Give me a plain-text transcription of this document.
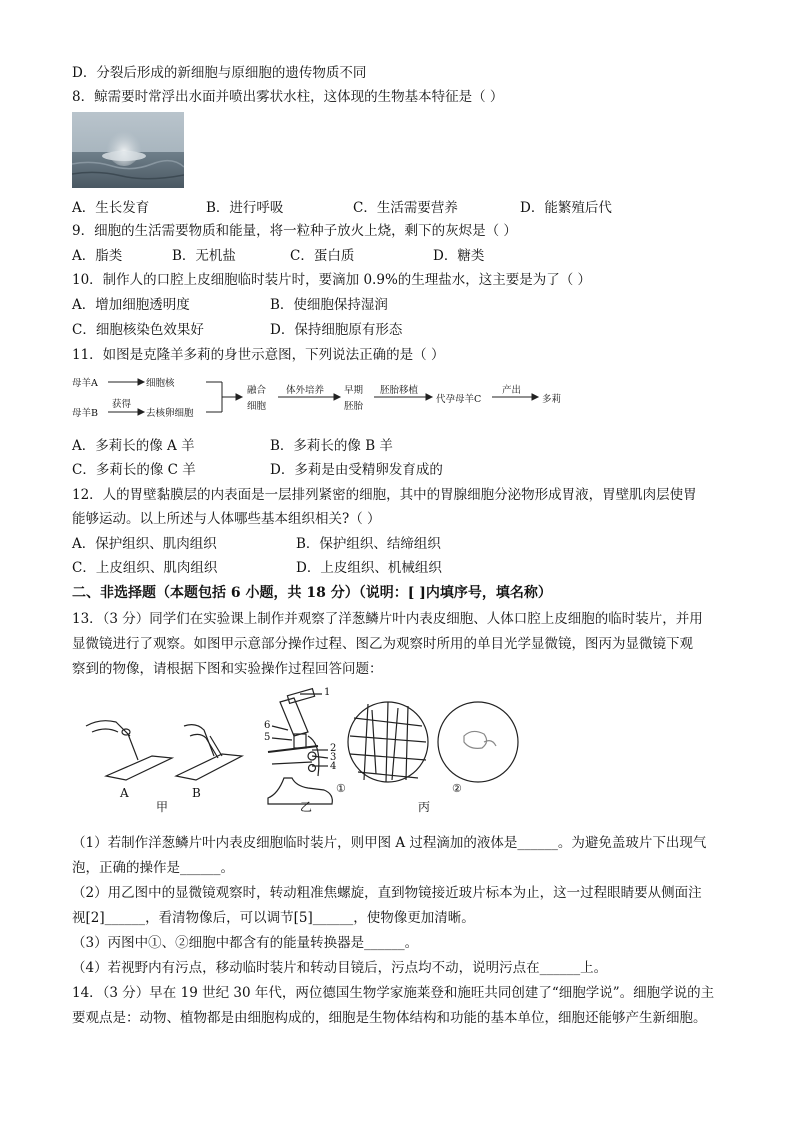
D．分裂后形成的新细胞与原细胞的遗传物质不同
8．鲸需要时常浮出水面并喷出雾状水柱，这体现的生物基本特征是（ ）
A．生长发育	B．进行呼吸	C．生活需要营养	D．能繁殖后代
9．细胞的生活需要物质和能量，将一粒种子放火上烧，剩下的灰烬是（ ）
A．脂类	B．无机盐	C．蛋白质	D．糖类
10．制作人的口腔上皮细胞临时装片时，要滴加 0.9%的生理盐水，这主要是为了（ ）
A．增加细胞透明度	B．使细胞保持湿润
C．细胞核染色效果好	D．保持细胞原有形态
11．如图是克隆羊多莉的身世示意图，下列说法正确的是（ ）
母羊A
母羊B
细胞核
获得
去核卵细胞
融合
细胞
体外培养 早期
胚胎
胚胎移植
代孕母羊C
产出
多莉
A．多莉长的像 A 羊	B．多莉长的像 B 羊
C．多莉长的像 C 羊	D．多莉是由受精卵发育成的
12．人的胃壁黏膜层的内表面是一层排列紧密的细胞，其中的胃腺细胞分泌物形成胃液，胃壁肌肉层使胃
能够运动。以上所述与人体哪些基本组织相关?（ ）
A．保护组织、肌肉组织	B．保护组织、结缔组织
C．上皮组织、肌肉组织	D．上皮组织、机械组织
二、非选择题（本题包括 6 小题，共 18 分）（说明：[ ]内填序号，填名称）
13．（3 分）同学们在实验课上制作并观察了洋葱鳞片叶内表皮细胞、人体口腔上皮细胞的临时装片，并用
显微镜进行了观察。如图甲示意部分操作过程、图乙为观察时所用的单目光学显微镜，图丙为显微镜下观
察到的物像，请根据下图和实验操作过程回答问题：
A	B
甲	乙	丙
①	②
1
2
3
4
5
6
（1）若制作洋葱鳞片叶内表皮细胞临时装片，则甲图 A 过程滴加的液体是______。为避免盖玻片下出现气
泡，正确的操作是______。
（2）用乙图中的显微镜观察时，转动粗准焦螺旋，直到物镜接近玻片标本为止，这一过程眼睛要从侧面注
视[2]______，看清物像后，可以调节[5]______，使物像更加清晰。
（3）丙图中①、②细胞中都含有的能量转换器是______。
（4）若视野内有污点，移动临时装片和转动目镜后，污点均不动，说明污点在______上。
14．（3 分）早在 19 世纪 30 年代，两位德国生物学家施莱登和施旺共同创建了“细胞学说”。细胞学说的主
要观点是：动物、植物都是由细胞构成的，细胞是生物体结构和功能的基本单位，细胞还能够产生新细胞。
